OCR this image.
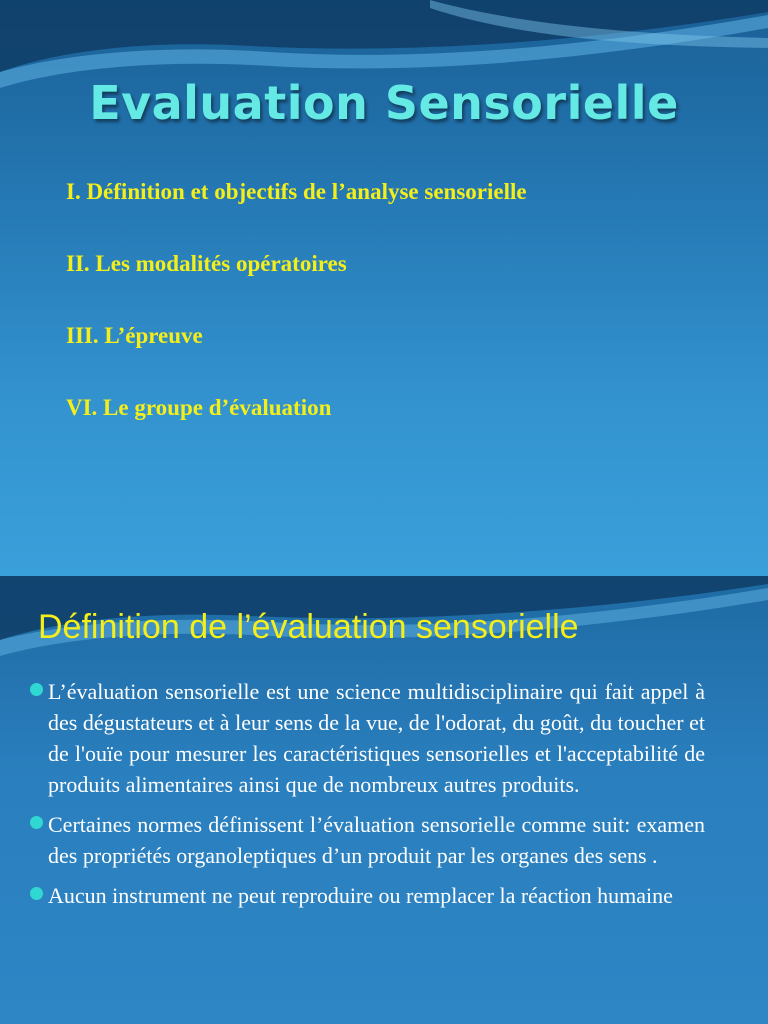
Evaluation Sensorielle
I. Définition et objectifs de l’analyse sensorielle
II. Les modalités opératoires
III. L’épreuve
VI. Le groupe d’évaluation
Définition de l’évaluation sensorielle
L’évaluation sensorielle est une science multidisciplinaire qui fait appel à des dégustateurs et à leur sens de la vue, de l'odorat, du goût, du toucher et de l'ouïe pour mesurer les caractéristiques sensorielles et l'acceptabilité de produits alimentaires ainsi que de nombreux autres produits.
Certaines normes définissent l’évaluation sensorielle comme suit: examen des propriétés organoleptiques d’un produit par les organes des sens .
Aucun instrument ne peut reproduire ou remplacer la réaction humaine
